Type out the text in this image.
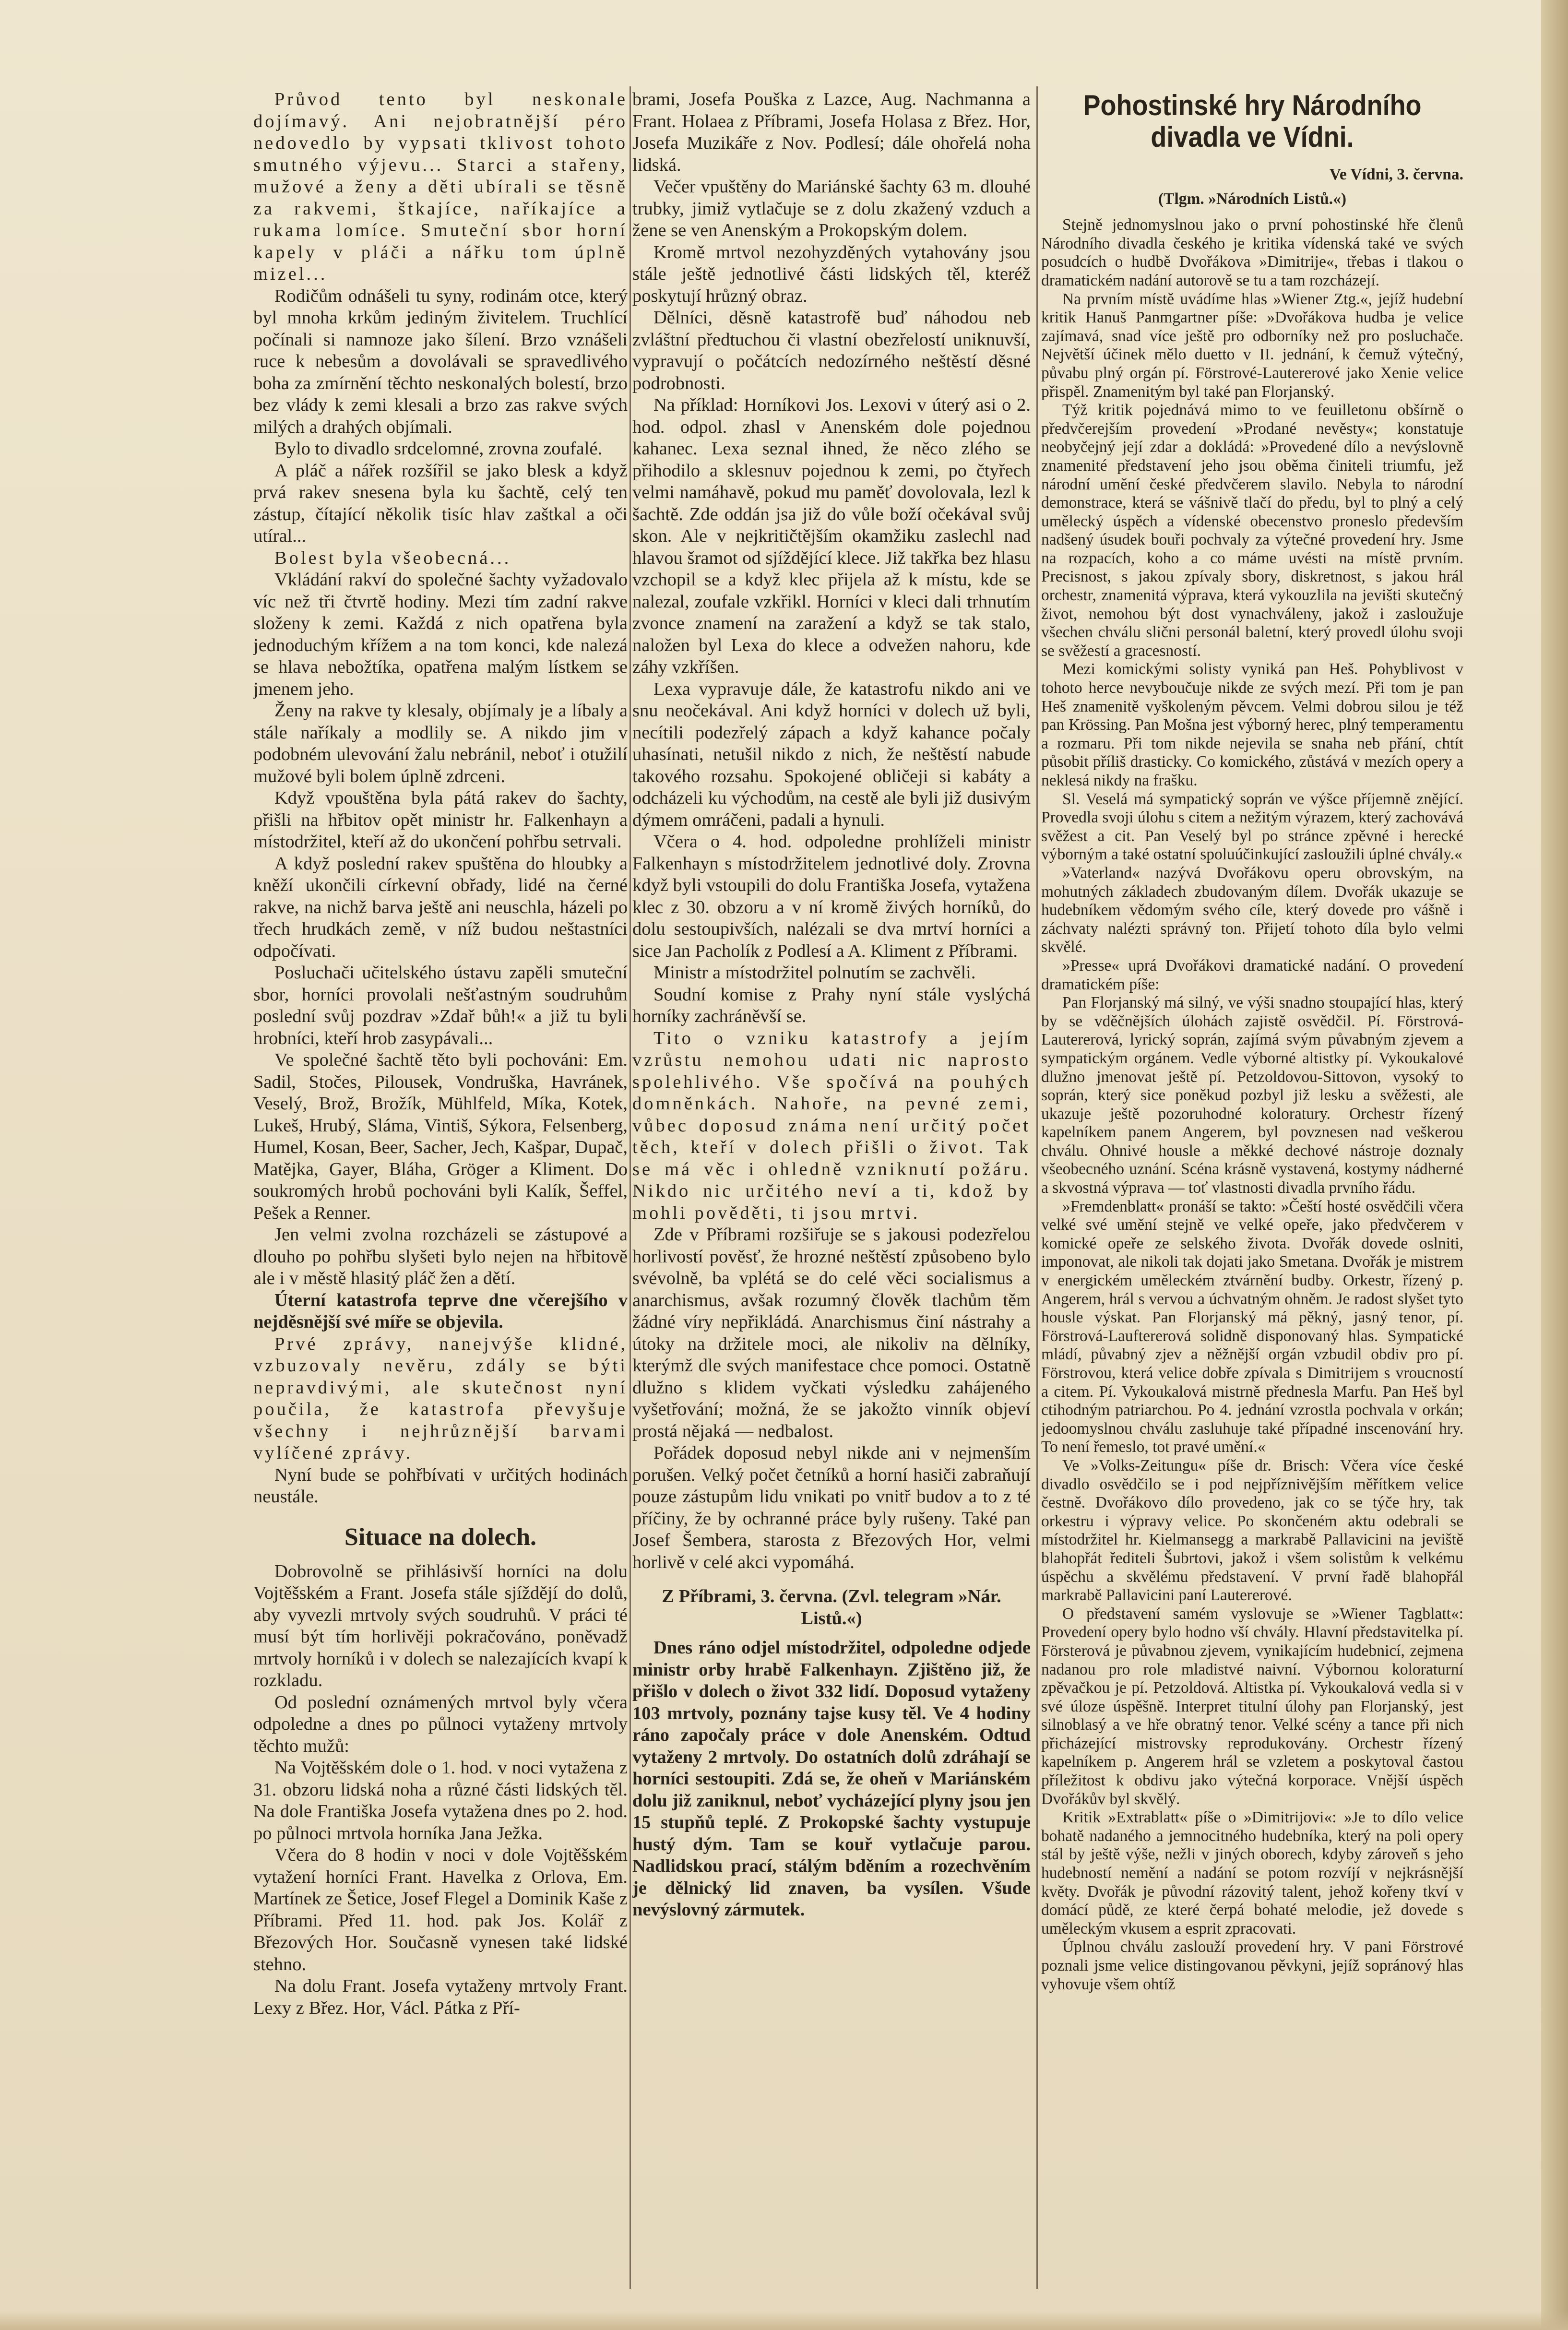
Průvod tento byl neskonale dojímavý. Ani nejobratnější péro nedovedlo by vypsati tklivost tohoto smutného výjevu... Starci a stařeny, mužové a ženy a děti ubírali se těsně za rakvemi, štkajíce, naříkajíce a rukama lomíce. Smuteční sbor horní kapely v pláči a nářku tom úplně mizel...

Rodičům odnášeli tu syny, rodinám otce, který byl mnoha krkům jediným živitelem. Truchlící počínali si namnoze jako šílení. Brzo vznášeli ruce k nebesům a dovolávali se spravedlivého boha za zmírnění těchto neskonalých bolestí, brzo bez vlády k zemi klesali a brzo zas rakve svých milých a drahých objímali.

Bylo to divadlo srdcelomné, zrovna zoufalé.

A pláč a nářek rozšířil se jako blesk a když prvá rakev snesena byla ku šachtě, celý ten zástup, čítající několik tisíc hlav zaštkal a oči utíral...

Bolest byla všeobecná...

Vkládání rakví do společné šachty vyžadovalo víc než tři čtvrtě hodiny. Mezi tím zadní rakve složeny k zemi. Každá z nich opatřena byla jednoduchým křížem a na tom konci, kde nalezá se hlava nebožtíka, opatřena malým lístkem se jmenem jeho.

Ženy na rakve ty klesaly, objímaly je a líbaly a stále naříkaly a modlily se. A nikdo jim v podobném ulevování žalu nebránil, neboť i otužilí mužové byli bolem úplně zdrceni.

Když vpouštěna byla pátá rakev do šachty, přišli na hřbitov opět ministr hr. Falkenhayn a místodržitel, kteří až do ukončení pohřbu setrvali.

A když poslední rakev spuštěna do hloubky a kněží ukončili církevní obřady, lidé na černé rakve, na nichž barva ještě ani neuschla, házeli po třech hrudkách země, v níž budou neštastníci odpočívati.

Posluchači učitelského ústavu zapěli smuteční sbor, horníci provolali nešťastným soudruhům poslední svůj pozdrav »Zdař bůh!« a již tu byli hrobníci, kteří hrob zasypávali...

Ve společné šachtě těto byli pochováni: Em. Sadil, Stočes, Pilousek, Vondruška, Havránek, Veselý, Brož, Brožík, Mühlfeld, Míka, Kotek, Lukeš, Hrubý, Sláma, Vintiš, Sýkora, Felsenberg, Humel, Kosan, Beer, Sacher, Jech, Kašpar, Dupač, Matějka, Gayer, Bláha, Gröger a Kliment. Do soukromých hrobů pochováni byli Kalík, Šeffel, Pešek a Renner.

Jen velmi zvolna rozcházeli se zástupové a dlouho po pohřbu slyšeti bylo nejen na hřbitově ale i v městě hlasitý pláč žen a dětí.

Úterní katastrofa teprve dne včerejšího v nejděsnější své míře se objevila.

Prvé zprávy, nanejvýše klidné, vzbuzovaly nevěru, zdály se býti nepravdivými, ale skutečnost nyní poučila, že katastrofa převyšuje všechny i nejhrůznější barvami vylíčené zprávy.

Nyní bude se pohřbívati v určitých hodinách neustále.

Situace na dolech.

Dobrovolně se přihlásivší horníci na dolu Vojtěšském a Frant. Josefa stále sjíždějí do dolů, aby vyvezli mrtvoly svých soudruhů. V práci té musí být tím horlivěji pokračováno, poněvadž mrtvoly horníků i v dolech se nalezajících kvapí k rozkladu.

Od poslední oznámených mrtvol byly včera odpoledne a dnes po půlnoci vytaženy mrtvoly těchto mužů:

Na Vojtěšském dole o 1. hod. v noci vytažena z 31. obzoru lidská noha a různé části lidských těl. Na dole Františka Josefa vytažena dnes po 2. hod. po půlnoci mrtvola horníka Jana Ježka.

Včera do 8 hodin v noci v dole Vojtěšském vytažení horníci Frant. Havelka z Orlova, Em. Martínek ze Šetice, Josef Flegel a Dominik Kaše z Příbrami. Před 11. hod. pak Jos. Kolář z Březových Hor. Současně vynesen také lidské stehno.

Na dolu Frant. Josefa vytaženy mrtvoly Frant. Lexy z Břez. Hor, Václ. Pátka z Pří-

brami, Josefa Pouška z Lazce, Aug. Nachmanna a Frant. Holaea z Příbrami, Josefa Holasa z Břez. Hor, Josefa Muzikáře z Nov. Podlesí; dále ohořelá noha lidská.

Večer vpuštěny do Mariánské šachty 63 m. dlouhé trubky, jimiž vytlačuje se z dolu zkažený vzduch a žene se ven Anenským a Prokopským dolem.

Kromě mrtvol nezohyzděných vytahovány jsou stále ještě jednotlivé části lidských těl, kteréž poskytují hrůzný obraz.

Dělníci, děsně katastrofě buď náhodou neb zvláštní předtuchou či vlastní obezřelostí uniknuvší, vypravují o počátcích nedozírného neštěstí děsné podrobnosti.

Na příklad: Horníkovi Jos. Lexovi v úterý asi o 2. hod. odpol. zhasl v Anenském dole pojednou kahanec. Lexa seznal ihned, že něco zlého se přihodilo a sklesnuv pojednou k zemi, po čtyřech velmi namáhavě, pokud mu paměť dovolovala, lezl k šachtě. Zde oddán jsa již do vůle boží očekával svůj skon. Ale v nejkritičtějším okamžiku zaslechl nad hlavou šramot od sjíždějící klece. Již takřka bez hlasu vzchopil se a když klec přijela až k místu, kde se nalezal, zoufale vzkřikl. Horníci v kleci dali trhnutím zvonce znamení na zaražení a když se tak stalo, naložen byl Lexa do klece a odvežen nahoru, kde záhy vzkříšen.

Lexa vypravuje dále, že katastrofu nikdo ani ve snu neočekával. Ani když horníci v dolech už byli, necítili podezřelý zápach a když kahance počaly uhasínati, netušil nikdo z nich, že neštěstí nabude takového rozsahu. Spokojené obličeji si kabáty a odcházeli ku východům, na cestě ale byli již dusivým dýmem omráčeni, padali a hynuli.

Včera o 4. hod. odpoledne prohlíželi ministr Falkenhayn s místodržitelem jednotlivé doly. Zrovna když byli vstoupili do dolu Františka Josefa, vytažena klec z 30. obzoru a v ní kromě živých horníků, do dolu sestoupivších, nalézali se dva mrtví horníci a sice Jan Pacholík z Podlesí a A. Kliment z Příbrami.

Ministr a místodržitel polnutím se zachvěli.

Soudní komise z Prahy nyní stále vyslýchá horníky zachráněvší se.

Tito o vzniku katastrofy a jejím vzrůstu nemohou udati nic naprosto spolehlivého. Vše spočívá na pouhých domněnkách. Nahoře, na pevné zemi, vůbec doposud známa není určitý počet těch, kteří v dolech přišli o život. Tak se má věc i ohledně vzniknutí požáru. Nikdo nic určitého neví a ti, kdož by mohli pověděti, ti jsou mrtvi.

Zde v Příbrami rozšiřuje se s jakousi podezřelou horlivostí pověsť, že hrozné neštěstí způsobeno bylo svévolně, ba vplétá se do celé věci socialismus a anarchismus, avšak rozumný člověk tlachům těm žádné víry nepřikládá. Anarchismus činí nástrahy a útoky na držitele moci, ale nikoliv na dělníky, kterýmž dle svých manifestace chce pomoci. Ostatně dlužno s klidem vyčkati výsledku zahájeného vyšetřování; možná, že se jakožto vinník objeví prostá nějaká — nedbalost.

Pořádek doposud nebyl nikde ani v nejmenším porušen. Velký počet četníků a horní hasiči zabraňují pouze zástupům lidu vnikati po vnitř budov a to z té příčiny, že by ochranné práce byly rušeny. Také pan Josef Šembera, starosta z Březových Hor, velmi horlivě v celé akci vypomáhá.

Z Příbrami, 3. června. (Zvl. telegram »Nár. Listů.«)

Dnes ráno odjel místodržitel, odpoledne odjede ministr orby hrabě Falkenhayn. Zjištěno již, že přišlo v dolech o život 332 lidí. Doposud vytaženy 103 mrtvoly, poznány tajse kusy těl. Ve 4 hodiny ráno započaly práce v dole Anenském. Odtud vytaženy 2 mrtvoly. Do ostatních dolů zdráhají se horníci sestoupiti. Zdá se, že oheň v Mariánském dolu již zaniknul, neboť vycházející plyny jsou jen 15 stupňů teplé. Z Prokopské šachty vystupuje hustý dým. Tam se kouř vytlačuje parou. Nadlidskou prací, stálým bděním a rozechvěním je dělnický lid znaven, ba vysílen. Všude nevýslovný zármutek.

Pohostinské hry Národního divadla ve Vídni.

Ve Vídni, 3. června.

(Tlgm. »Národních Listů.«)

Stejně jednomyslnou jako o první pohostinské hře členů Národního divadla českého je kritika vídenská také ve svých posudcích o hudbě Dvořákova »Dimitrije«, třebas i tlakou o dramatickém nadání autorově se tu a tam rozcházejí.

Na prvním místě uvádíme hlas »Wiener Ztg.«, jejíž hudební kritik Hanuš Panmgartner píše: »Dvořákova hudba je velice zajímavá, snad více ještě pro odborníky než pro posluchače. Největší účinek mělo duetto v II. jednání, k čemuž výtečný, půvabu plný orgán pí. Förstrové-Lautererové jako Xenie velice přispěl. Znamenitým byl také pan Florjanský.

Týž kritik pojednává mimo to ve feuilletonu obšírně o předvčerejším provedení »Prodané nevěsty«; konstatuje neobyčejný její zdar a dokládá: »Provedené dílo a nevýslovně znamenité představení jeho jsou oběma činiteli triumfu, jež národní umění české předvčerem slavilo. Nebyla to národní demonstrace, která se vášnivě tlačí do předu, byl to plný a celý umělecký úspěch a vídenské obecenstvo proneslo především nadšený úsudek bouři pochvaly za výtečné provedení hry. Jsme na rozpacích, koho a co máme uvésti na místě prvním. Precisnost, s jakou zpívaly sbory, diskretnost, s jakou hrál orchestr, znamenitá výprava, která vykouzlila na jevišti skutečný život, nemohou být dost vynachváleny, jakož i zasloužuje všechen chválu slični personál baletní, který provedl úlohu svoji se svěžestí a gracesností.

Mezi komickými solisty vyniká pan Heš. Pohyblivost v tohoto herce nevyboučuje nikde ze svých mezí. Při tom je pan Heš znamenitě vyškoleným pěvcem. Velmi dobrou silou je též pan Krössing. Pan Mošna jest výborný herec, plný temperamentu a rozmaru. Při tom nikde nejevila se snaha neb přání, chtít působit příliš drasticky. Co komického, zůstává v mezích opery a neklesá nikdy na frašku.

Sl. Veselá má sympatický soprán ve výšce příjemně znějící. Provedla svoji úlohu s citem a nežitým výrazem, který zachovává svěžest a cit. Pan Veselý byl po stránce zpěvné i herecké výborným a také ostatní spoluúčinkující zasloužili úplné chvály.«

»Vaterland« nazývá Dvořákovu operu obrovským, na mohutných základech zbudovaným dílem. Dvořák ukazuje se hudebníkem vědomým svého cíle, který dovede pro vášně i záchvaty nalézti správný ton. Přijetí tohoto díla bylo velmi skvělé.

»Presse« uprá Dvořákovi dramatické nadání. O provedení dramatickém píše:

Pan Florjanský má silný, ve výši snadno stoupající hlas, který by se vděčnějších úlohách zajistě osvědčil. Pí. Förstrová-Lautererová, lyrický soprán, zajímá svým půvabným zjevem a sympatickým orgánem. Vedle výborné altistky pí. Vykoukalové dlužno jmenovat ještě pí. Petzoldovou-Sittovon, vysoký to soprán, který sice poněkud pozbyl již lesku a svěžesti, ale ukazuje ještě pozoruhodné koloratury. Orchestr řízený kapelníkem panem Angerem, byl povznesen nad veškerou chválu. Ohnivé housle a měkké dechové nástroje doznaly všeobecného uznání. Scéna krásně vystavená, kostymy nádherné a skvostná výprava — toť vlastnosti divadla prvního řádu.

»Fremdenblatt« pronáší se takto: »Čeští hosté osvědčili včera velké své umění stejně ve velké opeře, jako předvčerem v komické opeře ze selského života. Dvořák dovede oslniti, imponovat, ale nikoli tak dojati jako Smetana. Dvořák je mistrem v energickém uměleckém ztvárnění budby. Orkestr, řízený p. Angerem, hrál s vervou a úchvatným ohněm. Je radost slyšet tyto housle výskat. Pan Florjanský má pěkný, jasný tenor, pí. Förstrová-Lauftererová solidně disponovaný hlas. Sympatické mládí, půvabný zjev a něžnější orgán vzbudil obdiv pro pí. Förstrovou, která velice dobře zpívala s Dimitrijem s vroucností a citem. Pí. Vykoukalová mistrně přednesla Marfu. Pan Heš byl ctihodným patriarchou. Po 4. jednání vzrostla pochvala v orkán; jedoomyslnou chválu zasluhuje také případné inscenování hry. To není řemeslo, tot pravé umění.«

Ve »Volks-Zeitungu« píše dr. Brisch: Včera více české divadlo osvědčilo se i pod nejpříznivějším měřítkem velice čestně. Dvořákovo dílo provedeno, jak co se týče hry, tak orkestru i výpravy velice. Po skončeném aktu odebrali se místodržitel hr. Kielmansegg a markrabě Pallavicini na jeviště blahopřát řediteli Šubrtovi, jakož i všem solistům k velkému úspěchu a skvělému představení. V první řadě blahopřál markrabě Pallavicini paní Lautererové.

O představení samém vyslovuje se »Wiener Tagblatt«: Provedení opery bylo hodno vší chvály. Hlavní představitelka pí. Försterová je půvabnou zjevem, vynikajícím hudebnicí, zejmena nadanou pro role mladistvé naivní. Výbornou koloraturní zpěvačkou je pí. Petzoldová. Altistka pí. Vykoukalová vedla si v své úloze úspěšně. Interpret titulní úlohy pan Florjanský, jest silnoblasý a ve hře obratný tenor. Velké scény a tance při nich přicházející mistrovsky reprodukovány. Orchestr řízený kapelníkem p. Angerem hrál se vzletem a poskytoval častou příležitost k obdivu jako výtečná korporace. Vnější úspěch Dvořákův byl skvělý.

Kritik »Extrablatt« píše o »Dimitrijovi«: »Je to dílo velice bohatě nadaného a jemnocitného hudebníka, který na poli opery stál by ještě výše, nežli v jiných oborech, kdyby zároveň s jeho hudebností nemění a nadání se potom rozvíjí v nejkrásnější květy. Dvořák je původní rázovitý talent, jehož kořeny tkví v domácí půdě, ze které čerpá bohaté melodie, jež dovede s uměleckým vkusem a esprit zpracovati.

Úplnou chválu zaslouží provedení hry. V pani Förstrové poznali jsme velice distingovanou pěvkyni, jejíž sopránový hlas vyhovuje všem ohtíž
